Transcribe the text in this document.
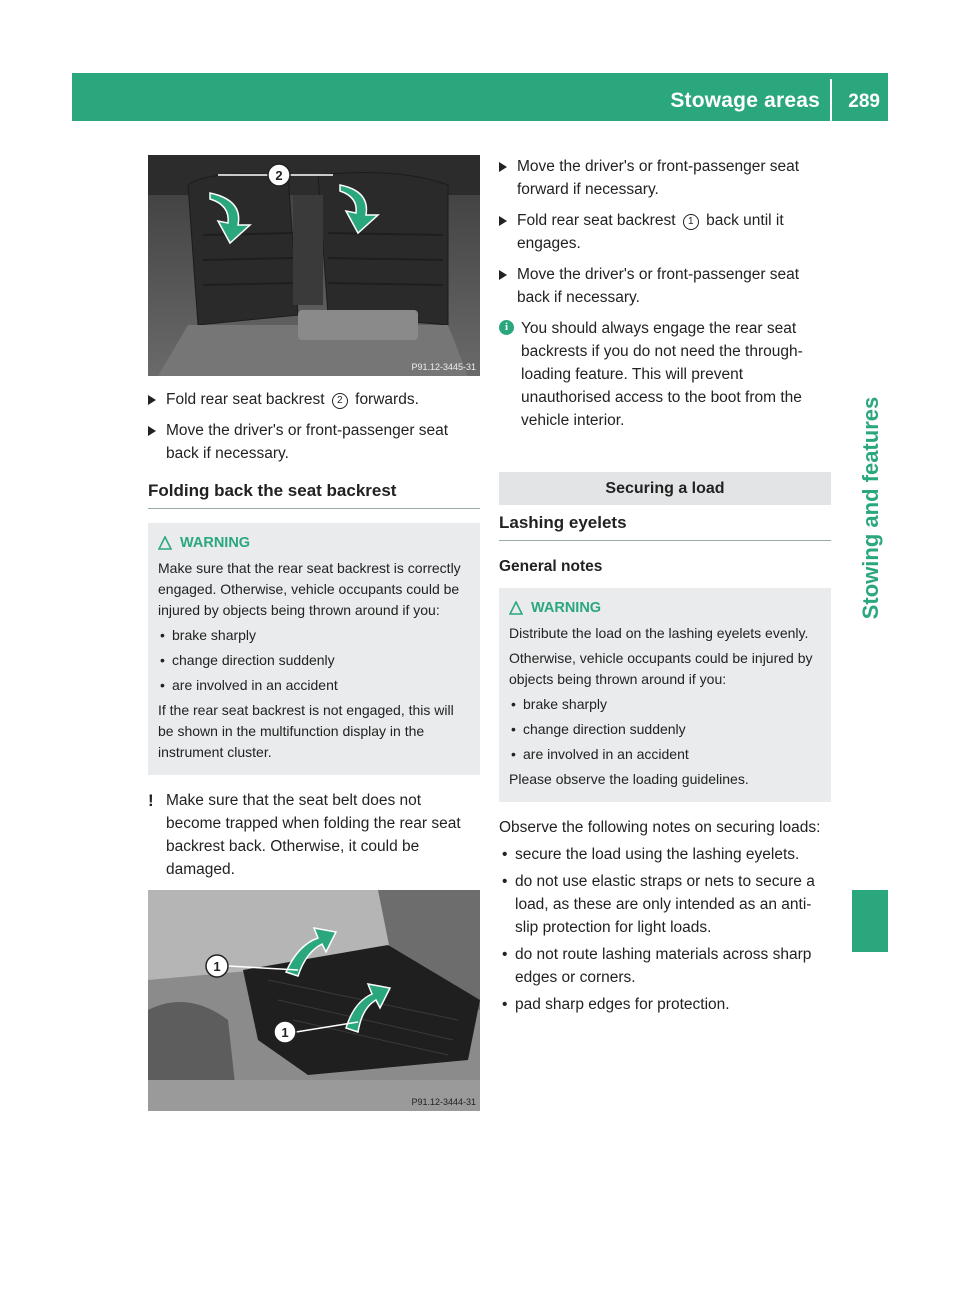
Stowage areas 289
Stowing and features
2
P91.12-3445-31
Fold rear seat backrest 2 forwards.
Move the driver's or front-passenger seat back if necessary.
Folding back the seat backrest
WARNING

Make sure that the rear seat backrest is correctly engaged. Otherwise, vehicle occupants could be injured by objects being thrown around if you:

• brake sharply
• change direction suddenly
• are involved in an accident

If the rear seat backrest is not engaged, this will be shown in the multifunction display in the instrument cluster.

! Make sure that the seat belt does not become trapped when folding the rear seat backrest back. Otherwise, it could be damaged.
1
1
P91.12-3444-31
Move the driver's or front-passenger seat forward if necessary.
Fold rear seat backrest 1 back until it engages.
Move the driver's or front-passenger seat back if necessary.
i You should always engage the rear seat backrests if you do not need the through-loading feature. This will prevent unauthorised access to the boot from the vehicle interior.
Securing a load
Lashing eyelets
General notes
WARNING

Distribute the load on the lashing eyelets evenly.

Otherwise, vehicle occupants could be injured by objects being thrown around if you:

• brake sharply
• change direction suddenly
• are involved in an accident

Please observe the loading guidelines.

Observe the following notes on securing loads:

• secure the load using the lashing eyelets.
• do not use elastic straps or nets to secure a load, as these are only intended as an anti-slip protection for light loads.
• do not route lashing materials across sharp edges or corners.
• pad sharp edges for protection.
